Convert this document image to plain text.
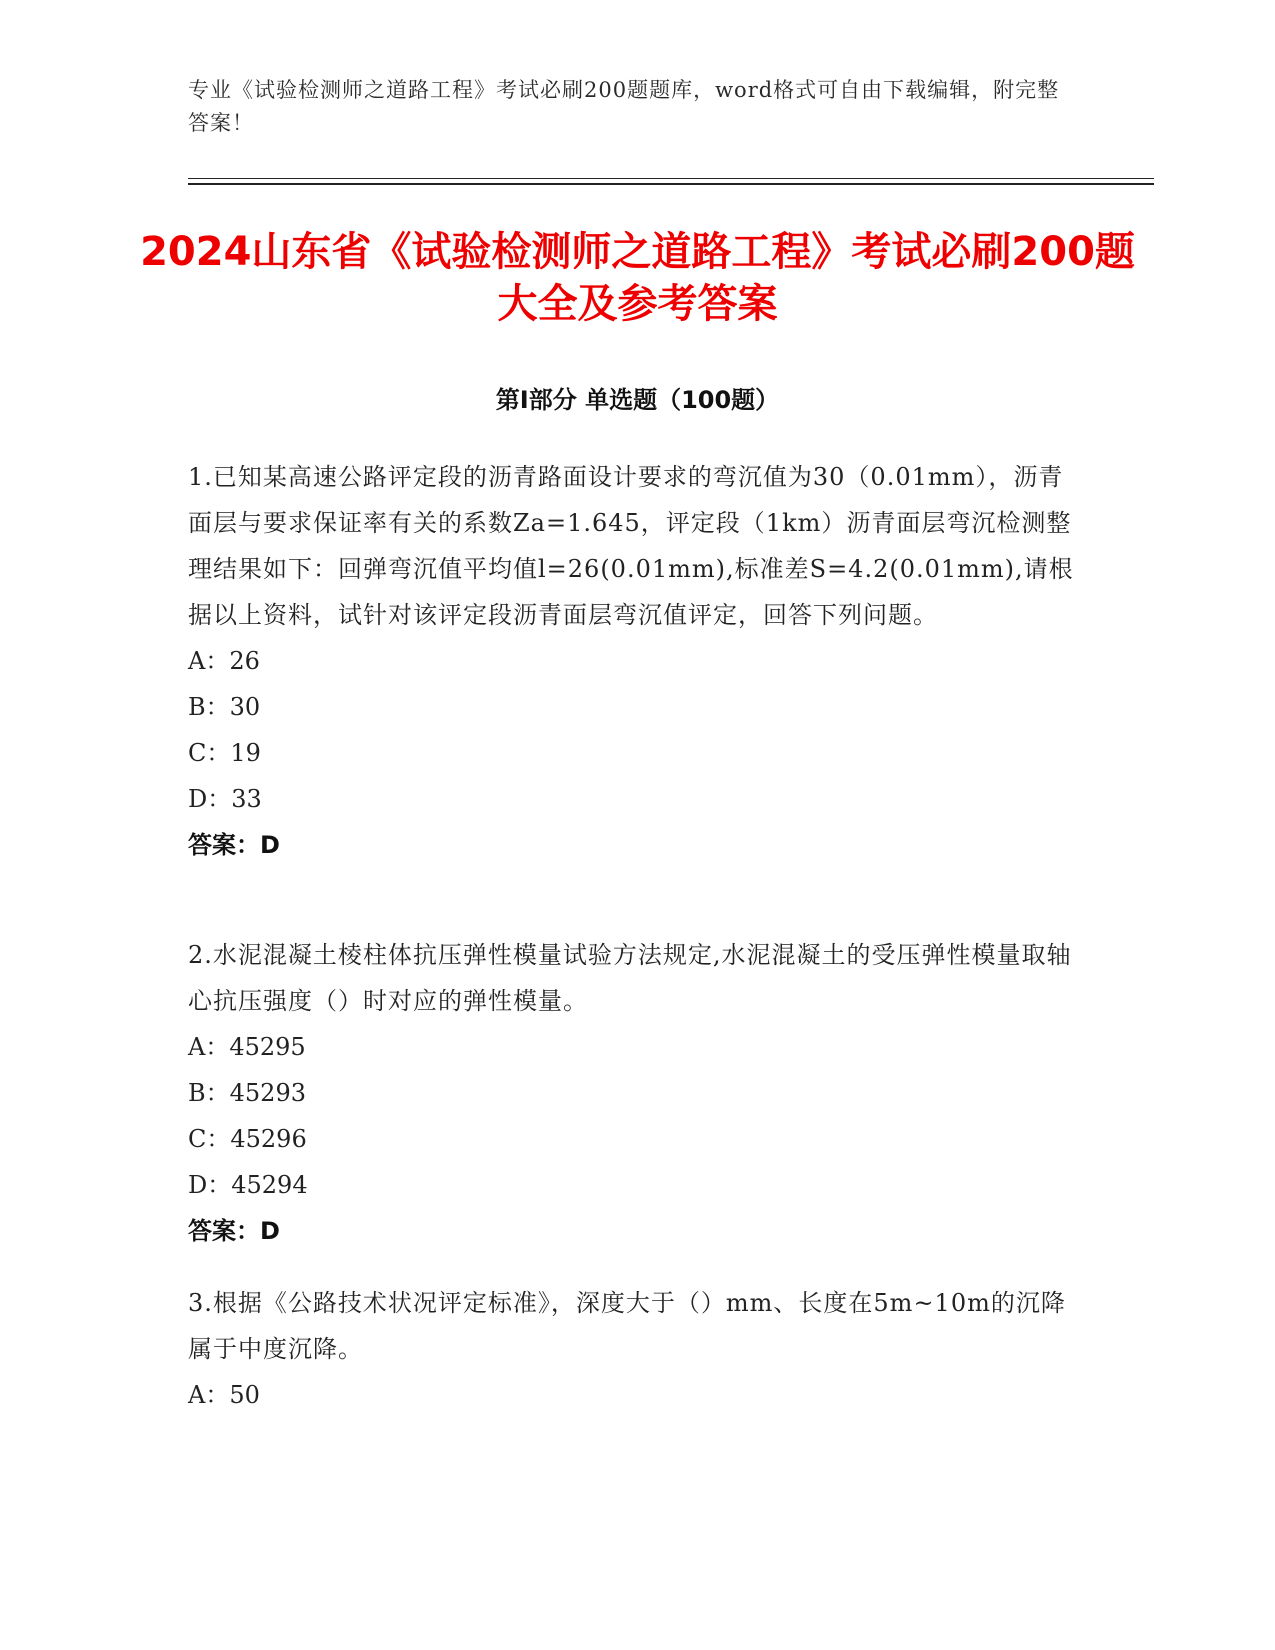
专业《试验检测师之道路工程》考试必刷200题题库，word格式可自由下载编辑，附完整答案！
2024山东省《试验检测师之道路工程》考试必刷200题大全及参考答案
第Ⅰ部分 单选题（100题）
1.已知某高速公路评定段的沥青路面设计要求的弯沉值为30（0.01mm），沥青面层与要求保证率有关的系数Za=1.645，评定段（1km）沥青面层弯沉检测整理结果如下：回弹弯沉值平均值l=26(0.01mm),标准差S=4.2(0.01mm),请根据以上资料，试针对该评定段沥青面层弯沉值评定，回答下列问题。
A：26
B：30
C：19
D：33
答案：D
2.水泥混凝土棱柱体抗压弹性模量试验方法规定,水泥混凝土的受压弹性模量取轴心抗压强度（）时对应的弹性模量。
A：45295
B：45293
C：45296
D：45294
答案：D
3.根据《公路技术状况评定标准》，深度大于（）mm、长度在5m~10m的沉降属于中度沉降。
A：50
